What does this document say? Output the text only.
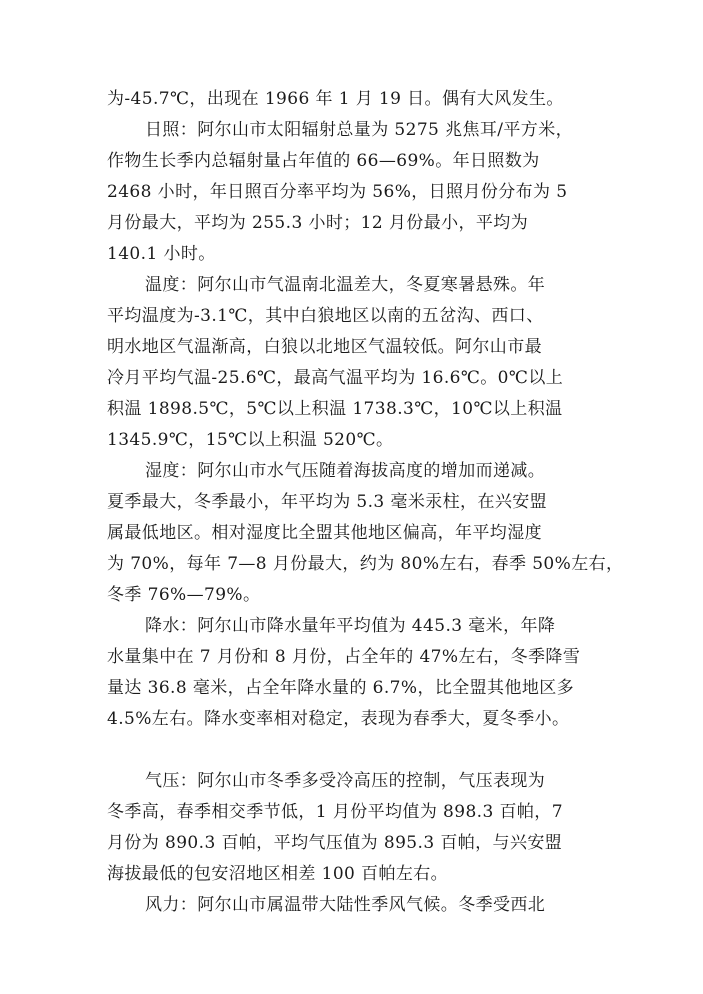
为-45.7℃，出现在 1966 年 1 月 19 日。偶有大风发生。
日照：阿尔山市太阳辐射总量为 5275 兆焦耳/平方米，
作物生长季内总辐射量占年值的 66—69%。年日照数为
2468 小时，年日照百分率平均为 56%，日照月份分布为 5
月份最大，平均为 255.3 小时；12 月份最小，平均为
140.1 小时。
温度：阿尔山市气温南北温差大，冬夏寒暑悬殊。年
平均温度为-3.1℃，其中白狼地区以南的五岔沟、西口、
明水地区气温渐高，白狼以北地区气温较低。阿尔山市最
冷月平均气温-25.6℃，最高气温平均为 16.6℃。0℃以上
积温 1898.5℃，5℃以上积温 1738.3℃，10℃以上积温
1345.9℃，15℃以上积温 520℃。
湿度：阿尔山市水气压随着海拔高度的增加而递减。
夏季最大，冬季最小，年平均为 5.3 毫米汞柱，在兴安盟
属最低地区。相对湿度比全盟其他地区偏高，年平均湿度
为 70%，每年 7—8 月份最大，约为 80%左右，春季 50%左右，
冬季 76%—79%。
降水：阿尔山市降水量年平均值为 445.3 毫米，年降
水量集中在 7 月份和 8 月份，占全年的 47%左右，冬季降雪
量达 36.8 毫米，占全年降水量的 6.7%，比全盟其他地区多
4.5%左右。降水变率相对稳定，表现为春季大，夏冬季小。
气压：阿尔山市冬季多受冷高压的控制，气压表现为
冬季高，春季相交季节低，1 月份平均值为 898.3 百帕，7
月份为 890.3 百帕，平均气压值为 895.3 百帕，与兴安盟
海拔最低的包安沼地区相差 100 百帕左右。
风力：阿尔山市属温带大陆性季风气候。冬季受西北
